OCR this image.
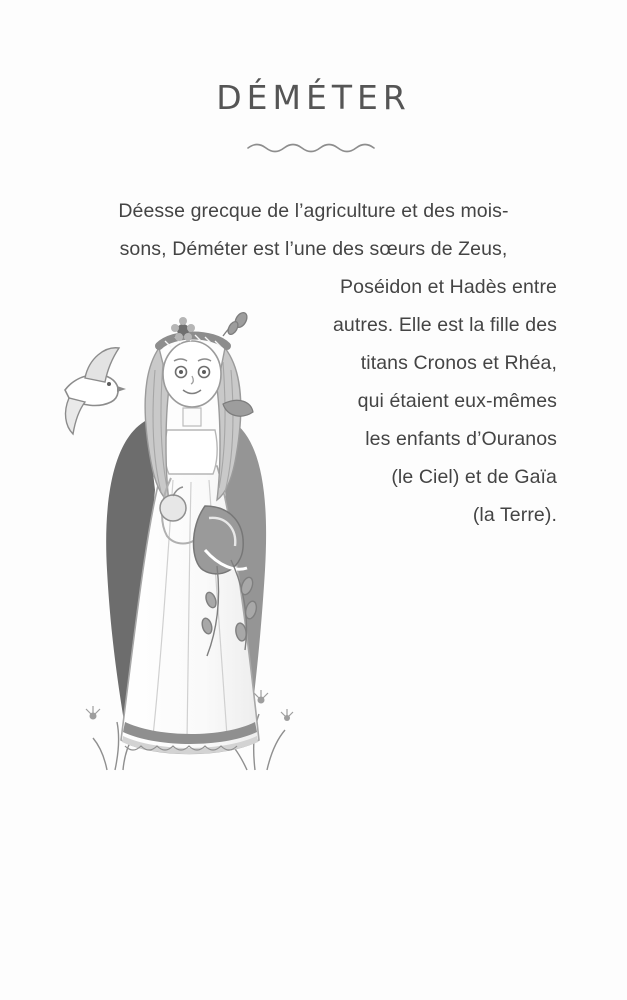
DÉMÉTER
Déesse grecque de l’agriculture et des mois-
sons, Déméter est l’une des sœurs de Zeus,
Poséidon et Hadès entre
autres. Elle est la fille des
titans Cronos et Rhéa,
qui étaient eux-mêmes
les enfants d’Ouranos
(le Ciel) et de Gaïa
(la Terre).
